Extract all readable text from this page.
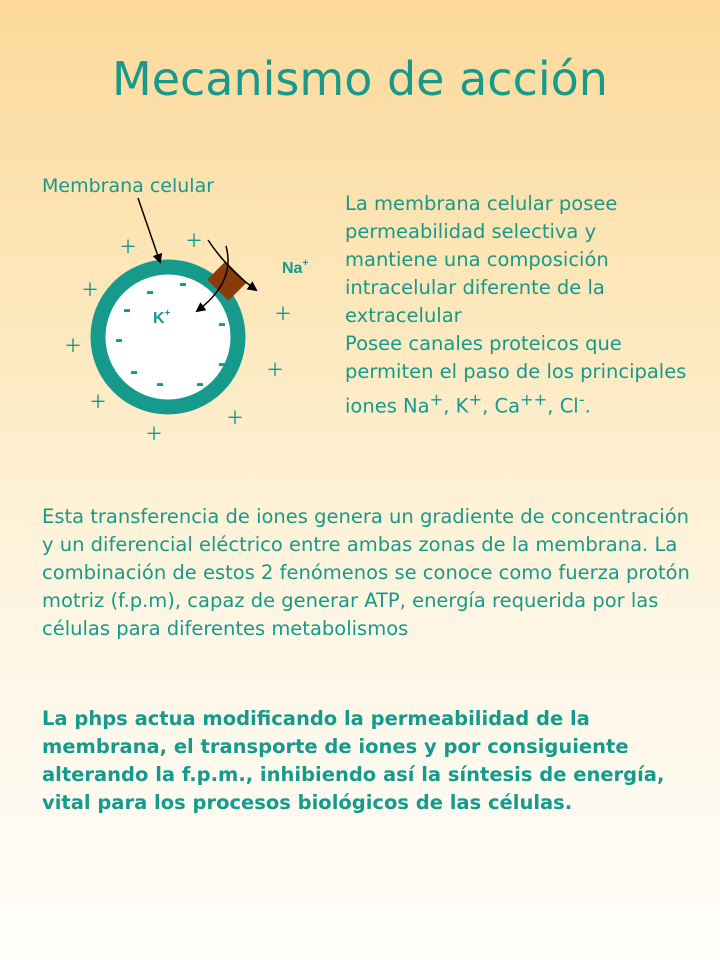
Mecanismo de acción
Membrana celular
Na+
K+
+ +
+
+
+
+
+
+
+
-
-
-
-
-
-
- - -

La membrana celular posee permeabilidad selectiva y mantiene una composición intracelular diferente de la extracelular

Posee canales proteicos que permiten el paso de los principales iones Na+, K+, Ca++, Cl-.

Esta transferencia de iones genera un gradiente de concentración y un diferencial eléctrico entre ambas zonas de la membrana. La combinación de estos 2 fenómenos se conoce como fuerza protón motriz (f.p.m), capaz de generar ATP, energía requerida por las células para diferentes metabolismos
La phps actua modificando la permeabilidad de la membrana, el transporte de iones y por consiguiente alterando la f.p.m., inhibiendo así la síntesis de energía, vital para los procesos biológicos de las células.
